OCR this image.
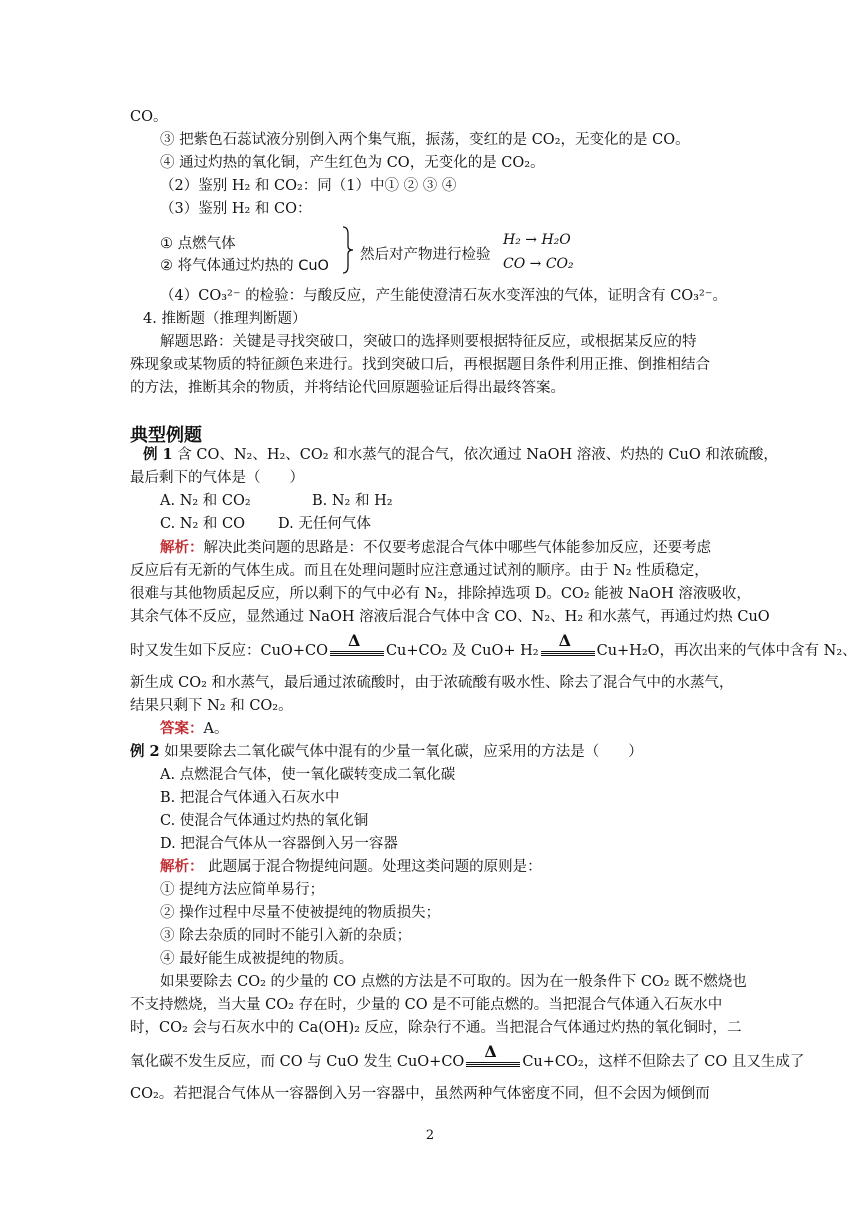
CO。
③ 把紫色石蕊试液分别倒入两个集气瓶，振荡，变红的是 CO₂，无变化的是 CO。
④ 通过灼热的氧化铜，产生红色为 CO，无变化的是 CO₂。
（2）鉴别 H₂ 和 CO₂：同（1）中① ② ③ ④
（3）鉴别 H₂ 和 CO：
① 点燃气体
② 将气体通过灼热的 CuO
然后对产物进行检验
H₂ → H₂O
CO → CO₂
（4）CO₃²⁻ 的检验：与酸反应，产生能使澄清石灰水变浑浊的气体，证明含有 CO₃²⁻。
4. 推断题（推理判断题）
解题思路：关键是寻找突破口，突破口的选择则要根据特征反应，或根据某反应的特
殊现象或某物质的特征颜色来进行。找到突破口后，再根据题目条件利用正推、倒推相结合
的方法，推断其余的物质，并将结论代回原题验证后得出最终答案。
典型例题
例 1 含 CO、N₂、H₂、CO₂ 和水蒸气的混合气，依次通过 NaOH 溶液、灼热的 CuO 和浓硫酸，
最后剩下的气体是（　　）
A. N₂ 和 CO₂	B. N₂ 和 H₂
C. N₂ 和 CO	D. 无任何气体
解析：解决此类问题的思路是：不仅要考虑混合气体中哪些气体能参加反应，还要考虑
反应后有无新的气体生成。而且在处理问题时应注意通过试剂的顺序。由于 N₂ 性质稳定，
很难与其他物质起反应，所以剩下的气中必有 N₂，排除掉选项 D。CO₂ 能被 NaOH 溶液吸收，
其余气体不反应，显然通过 NaOH 溶液后混合气体中含 CO、N₂、H₂ 和水蒸气，再通过灼热 CuO
时又发生如下反应：CuO+CO
Δ
Cu+CO₂ 及 CuO+ H₂
Δ
Cu+H₂O，再次出来的气体中含有 N₂、
新生成 CO₂ 和水蒸气，最后通过浓硫酸时，由于浓硫酸有吸水性、除去了混合气中的水蒸气，
结果只剩下 N₂ 和 CO₂。
答案：A。
例 2 如果要除去二氧化碳气体中混有的少量一氧化碳，应采用的方法是（　　）
A. 点燃混合气体，使一氧化碳转变成二氧化碳
B. 把混合气体通入石灰水中
C. 使混合气体通过灼热的氧化铜
D. 把混合气体从一容器倒入另一容器
解析： 此题属于混合物提纯问题。处理这类问题的原则是：
① 提纯方法应简单易行；
② 操作过程中尽量不使被提纯的物质损失；
③ 除去杂质的同时不能引入新的杂质；
④ 最好能生成被提纯的物质。
如果要除去 CO₂ 的少量的 CO 点燃的方法是不可取的。因为在一般条件下 CO₂ 既不燃烧也
不支持燃烧，当大量 CO₂ 存在时，少量的 CO 是不可能点燃的。当把混合气体通入石灰水中
时，CO₂ 会与石灰水中的 Ca(OH)₂ 反应，除杂行不通。当把混合气体通过灼热的氧化铜时，二
氧化碳不发生反应，而 CO 与 CuO 发生 CuO+CO
Δ
Cu+CO₂，这样不但除去了 CO 且又生成了
CO₂。若把混合气体从一容器倒入另一容器中，虽然两种气体密度不同，但不会因为倾倒而
2
